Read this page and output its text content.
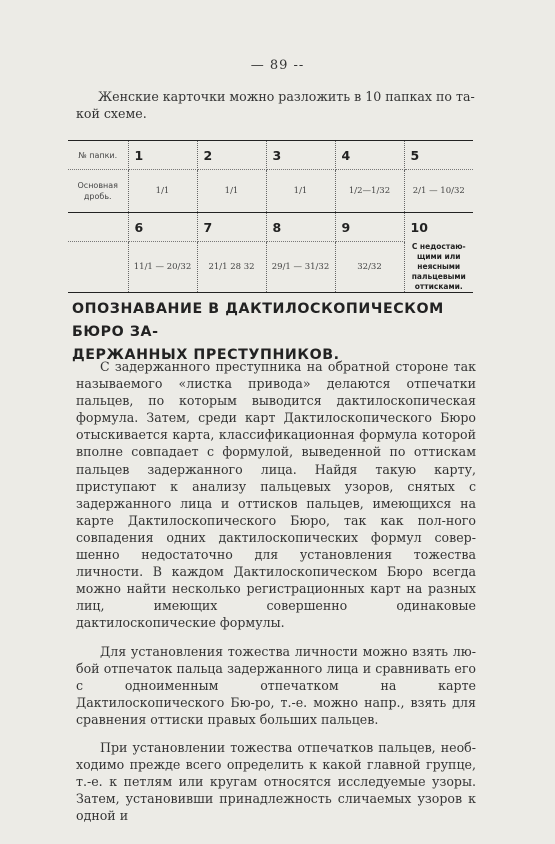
— 89 --
Женские карточки можно разложить в 10 папках по та-
кой схеме.
№ папки.	1	2	3	4	5

Основная
дробь.	1/1	1/1	1/1	1/2—1/32	2/1 — 10/32
	6	7	8	9	10
	11/1 — 20/32	21/1 28 32	29/1 — 31/32	32/32	С недостаю-
щими или
неясными
пальцевыми
оттисками.
ОПОЗНАВАНИЕ В ДАКТИЛОСКОПИЧЕСКОМ БЮРО ЗА-
ДЕРЖАННЫХ ПРЕСТУПНИКОВ.

С задержанного преступника на обратной стороне так называемого «листка привода» делаются отпечатки пальцев, по которым выводится дактилоскопическая формула. Затем, среди карт Дактилоскопического Бюро отыскивается карта, классификационная формула которой вполне совпадает с формулой, выведенной по оттискам пальцев задержанного лица. Найдя такую карту, приступают к анализу пальцевых узоров, снятых с задержанного лица и оттисков пальцев, имеющихся на карте Дактилоскопического Бюро, так как пол-ного совпадения одних дактилоскопических формул совер-шенно недостаточно для установления тожества личности. В каждом Дактилоскопическом Бюро всегда можно найти несколько регистрационных карт на разных лиц, имеющих совершенно одинаковые дактилоскопические формулы.

Для установления тожества личности можно взять лю-бой отпечаток пальца задержанного лица и сравнивать его с одноименным отпечатком на карте Дактилоскопического Бю-ро, т.-е. можно напр., взять для сравнения оттиски правых больших пальцев.

При установлении тожества отпечатков пальцев, необ-ходимо прежде всего определить к какой главной групце, т.-е. к петлям или кругам относятся исследуемые узоры. Затем, установивши принадлежность сличаемых узоров к одной и
